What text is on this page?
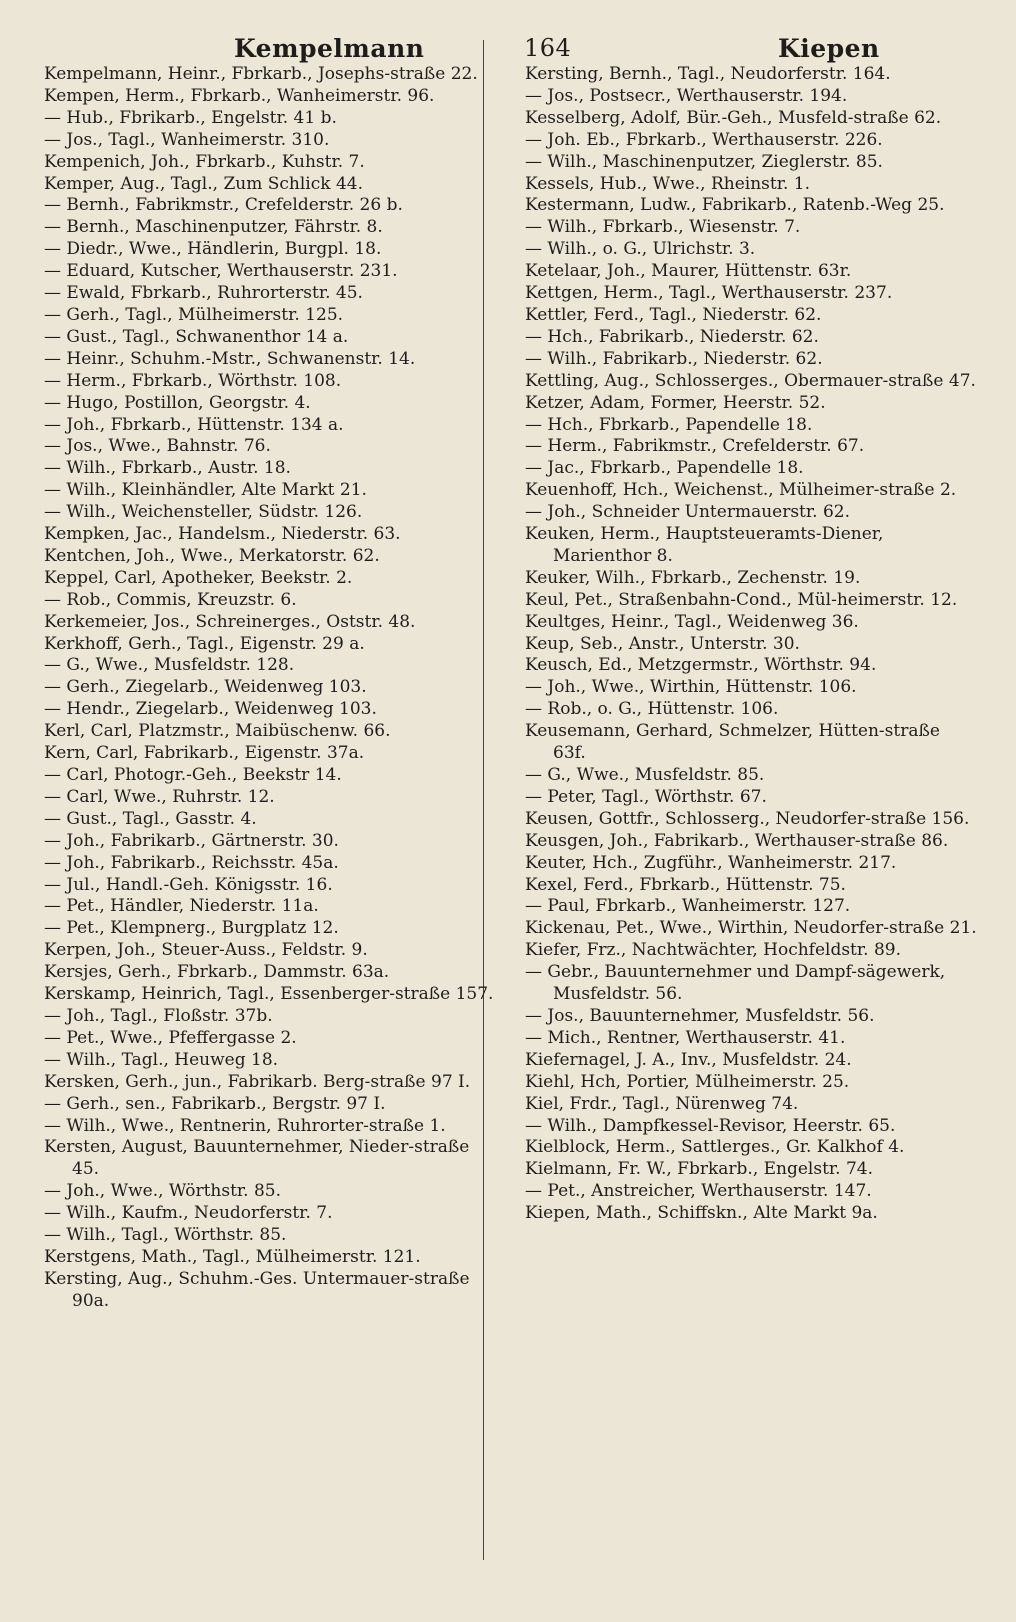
Kempelmann	164	Kiepen
Kempelmann, Heinr., Fbrkarb., Josephs-straße 22.
Kempen, Herm., Fbrkarb., Wanheimerstr. 96.
— Hub., Fbrikarb., Engelstr. 41 b.
— Jos., Tagl., Wanheimerstr. 310.
Kempenich, Joh., Fbrkarb., Kuhstr. 7.
Kemper, Aug., Tagl., Zum Schlick 44.
— Bernh., Fabrikmstr., Crefelderstr. 26 b.
— Bernh., Maschinenputzer, Fährstr. 8.
— Diedr., Wwe., Händlerin, Burgpl. 18.
— Eduard, Kutscher, Werthauserstr. 231.
— Ewald, Fbrkarb., Ruhrorterstr. 45.
— Gerh., Tagl., Mülheimerstr. 125.
— Gust., Tagl., Schwanenthor 14 a.
— Heinr., Schuhm.-Mstr., Schwanenstr. 14.
— Herm., Fbrkarb., Wörthstr. 108.
— Hugo, Postillon, Georgstr. 4.
— Joh., Fbrkarb., Hüttenstr. 134 a.
— Jos., Wwe., Bahnstr. 76.
— Wilh., Fbrkarb., Austr. 18.
— Wilh., Kleinhändler, Alte Markt 21.
— Wilh., Weichensteller, Südstr. 126.
Kempken, Jac., Handelsm., Niederstr. 63.
Kentchen, Joh., Wwe., Merkatorstr. 62.
Keppel, Carl, Apotheker, Beekstr. 2.
— Rob., Commis, Kreuzstr. 6.
Kerkemeier, Jos., Schreinerges., Oststr. 48.
Kerkhoff, Gerh., Tagl., Eigenstr. 29 a.
— G., Wwe., Musfeldstr. 128.
— Gerh., Ziegelarb., Weidenweg 103.
— Hendr., Ziegelarb., Weidenweg 103.
Kerl, Carl, Platzmstr., Maibüschenw. 66.
Kern, Carl, Fabrikarb., Eigenstr. 37a.
— Carl, Photogr.-Geh., Beekstr 14.
— Carl, Wwe., Ruhrstr. 12.
— Gust., Tagl., Gasstr. 4.
— Joh., Fabrikarb., Gärtnerstr. 30.
— Joh., Fabrikarb., Reichsstr. 45a.
— Jul., Handl.-Geh. Königsstr. 16.
— Pet., Händler, Niederstr. 11a.
— Pet., Klempnerg., Burgplatz 12.
Kerpen, Joh., Steuer-Auss., Feldstr. 9.
Kersjes, Gerh., Fbrkarb., Dammstr. 63a.
Kerskamp, Heinrich, Tagl., Essenberger-straße 157.
— Joh., Tagl., Floßstr. 37b.
— Pet., Wwe., Pfeffergasse 2.
— Wilh., Tagl., Heuweg 18.
Kersken, Gerh., jun., Fabrikarb. Berg-straße 97 I.
— Gerh., sen., Fabrikarb., Bergstr. 97 I.
— Wilh., Wwe., Rentnerin, Ruhrorter-straße 1.
Kersten, August, Bauunternehmer, Nieder-straße 45.
— Joh., Wwe., Wörthstr. 85.
— Wilh., Kaufm., Neudorferstr. 7.
— Wilh., Tagl., Wörthstr. 85.
Kerstgens, Math., Tagl., Mülheimerstr. 121.
Kersting, Aug., Schuhm.-Ges. Untermauer-straße 90a.
Kersting, Bernh., Tagl., Neudorferstr. 164.
— Jos., Postsecr., Werthauserstr. 194.
Kesselberg, Adolf, Bür.-Geh., Musfeld-straße 62.
— Joh. Eb., Fbrkarb., Werthauserstr. 226.
— Wilh., Maschinenputzer, Zieglerstr. 85.
Kessels, Hub., Wwe., Rheinstr. 1.
Kestermann, Ludw., Fabrikarb., Ratenb.-Weg 25.
— Wilh., Fbrkarb., Wiesenstr. 7.
— Wilh., o. G., Ulrichstr. 3.
Ketelaar, Joh., Maurer, Hüttenstr. 63r.
Kettgen, Herm., Tagl., Werthauserstr. 237.
Kettler, Ferd., Tagl., Niederstr. 62.
— Hch., Fabrikarb., Niederstr. 62.
— Wilh., Fabrikarb., Niederstr. 62.
Kettling, Aug., Schlosserges., Obermauer-straße 47.
Ketzer, Adam, Former, Heerstr. 52.
— Hch., Fbrkarb., Papendelle 18.
— Herm., Fabrikmstr., Crefelderstr. 67.
— Jac., Fbrkarb., Papendelle 18.
Keuenhoff, Hch., Weichenst., Mülheimer-straße 2.
— Joh., Schneider Untermauerstr. 62.
Keuken, Herm., Hauptsteueramts-Diener, Marienthor 8.
Keuker, Wilh., Fbrkarb., Zechenstr. 19.
Keul, Pet., Straßenbahn-Cond., Mül-heimerstr. 12.
Keultges, Heinr., Tagl., Weidenweg 36.
Keup, Seb., Anstr., Unterstr. 30.
Keusch, Ed., Metzgermstr., Wörthstr. 94.
— Joh., Wwe., Wirthin, Hüttenstr. 106.
— Rob., o. G., Hüttenstr. 106.
Keusemann, Gerhard, Schmelzer, Hütten-straße 63f.
— G., Wwe., Musfeldstr. 85.
— Peter, Tagl., Wörthstr. 67.
Keusen, Gottfr., Schlosserg., Neudorfer-straße 156.
Keusgen, Joh., Fabrikarb., Werthauser-straße 86.
Keuter, Hch., Zugführ., Wanheimerstr. 217.
Kexel, Ferd., Fbrkarb., Hüttenstr. 75.
— Paul, Fbrkarb., Wanheimerstr. 127.
Kickenau, Pet., Wwe., Wirthin, Neudorfer-straße 21.
Kiefer, Frz., Nachtwächter, Hochfeldstr. 89.
— Gebr., Bauunternehmer und Dampf-sägewerk, Musfeldstr. 56.
— Jos., Bauunternehmer, Musfeldstr. 56.
— Mich., Rentner, Werthauserstr. 41.
Kiefernagel, J. A., Inv., Musfeldstr. 24.
Kiehl, Hch, Portier, Mülheimerstr. 25.
Kiel, Frdr., Tagl., Nürenweg 74.
— Wilh., Dampfkessel-Revisor, Heerstr. 65.
Kielblock, Herm., Sattlerges., Gr. Kalkhof 4.
Kielmann, Fr. W., Fbrkarb., Engelstr. 74.
— Pet., Anstreicher, Werthauserstr. 147.
Kiepen, Math., Schiffskn., Alte Markt 9a.
